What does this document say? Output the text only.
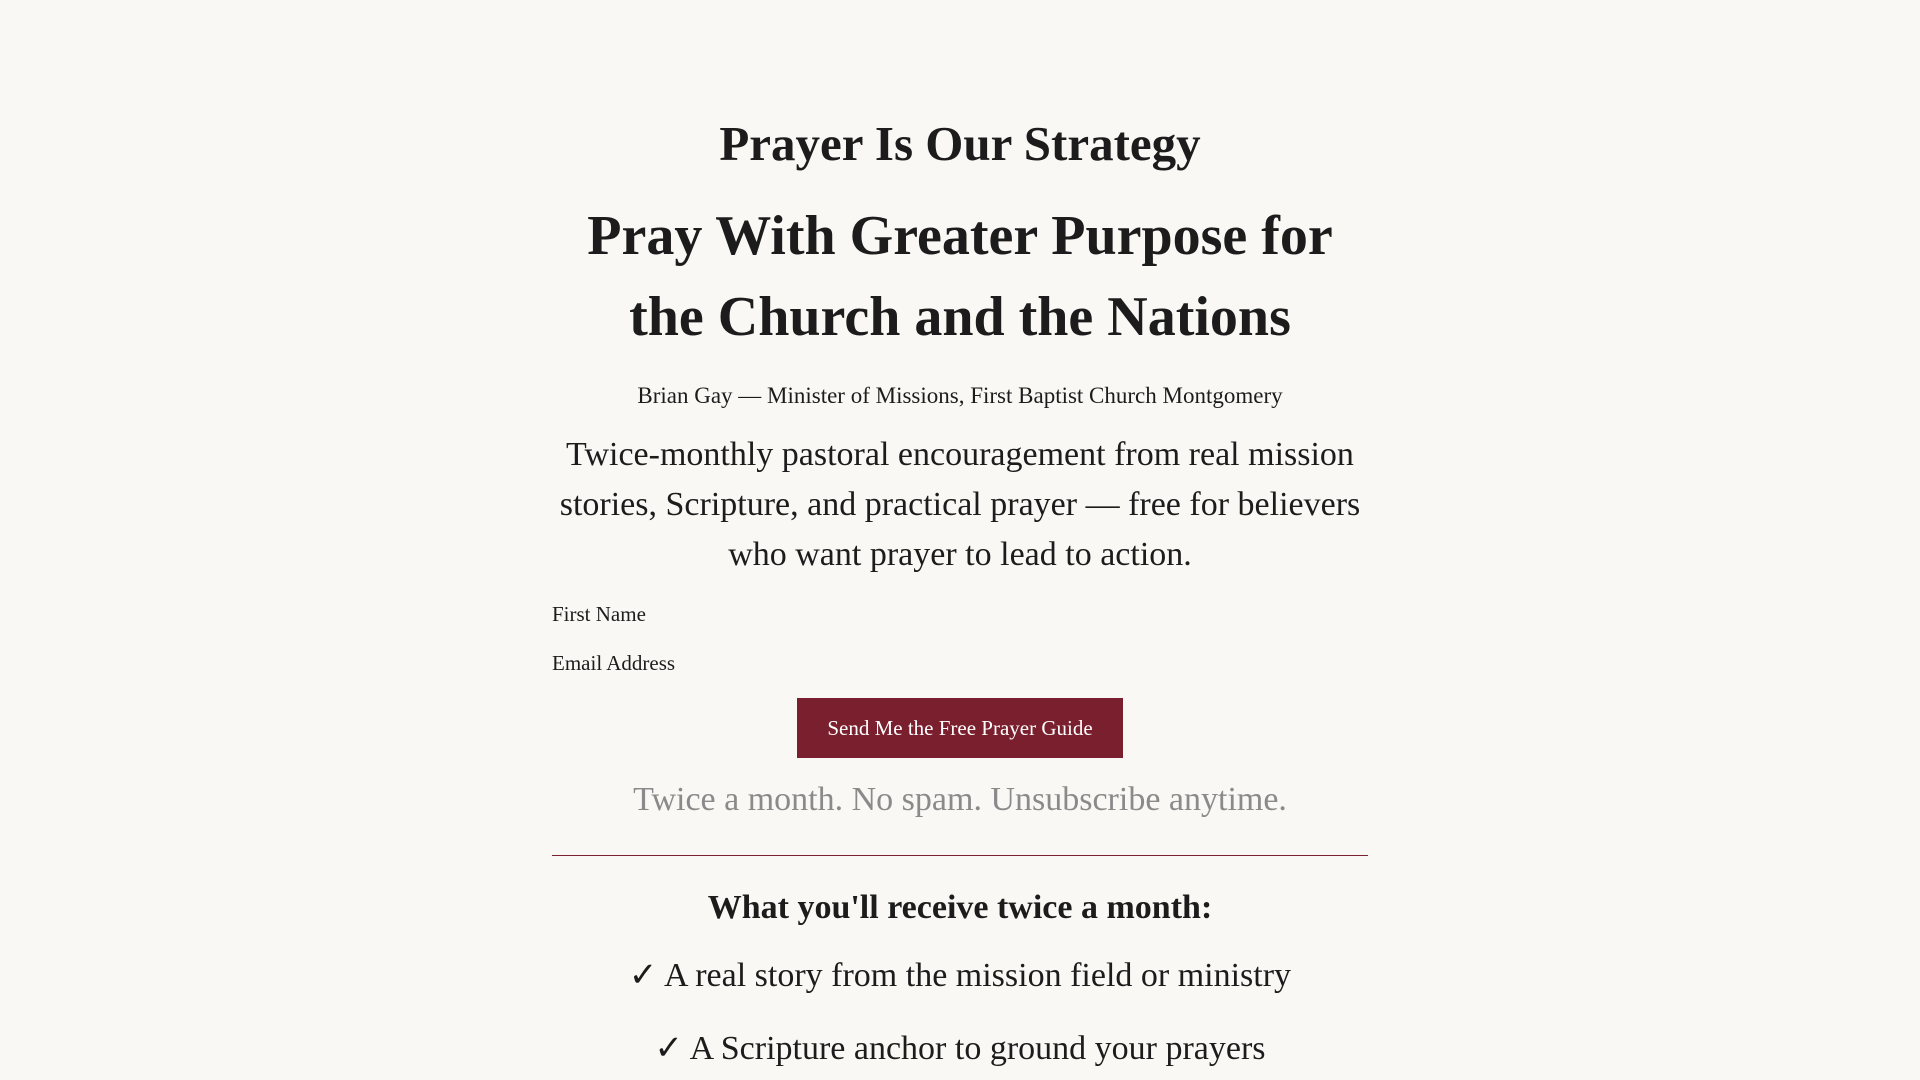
Prayer Is Our Strategy
Pray With Greater Purpose for the Church and the Nations
Brian Gay — Minister of Missions, First Baptist Church Montgomery

Twice-monthly pastoral encouragement from real mission stories, Scripture, and practical prayer — free for believers who want prayer to lead to action.

First Name
Email Address
Send Me the Free Prayer Guide
Twice a month. No spam. Unsubscribe anytime.
What you'll receive twice a month:
✓ A real story from the mission field or ministry
✓ A Scripture anchor to ground your prayers
